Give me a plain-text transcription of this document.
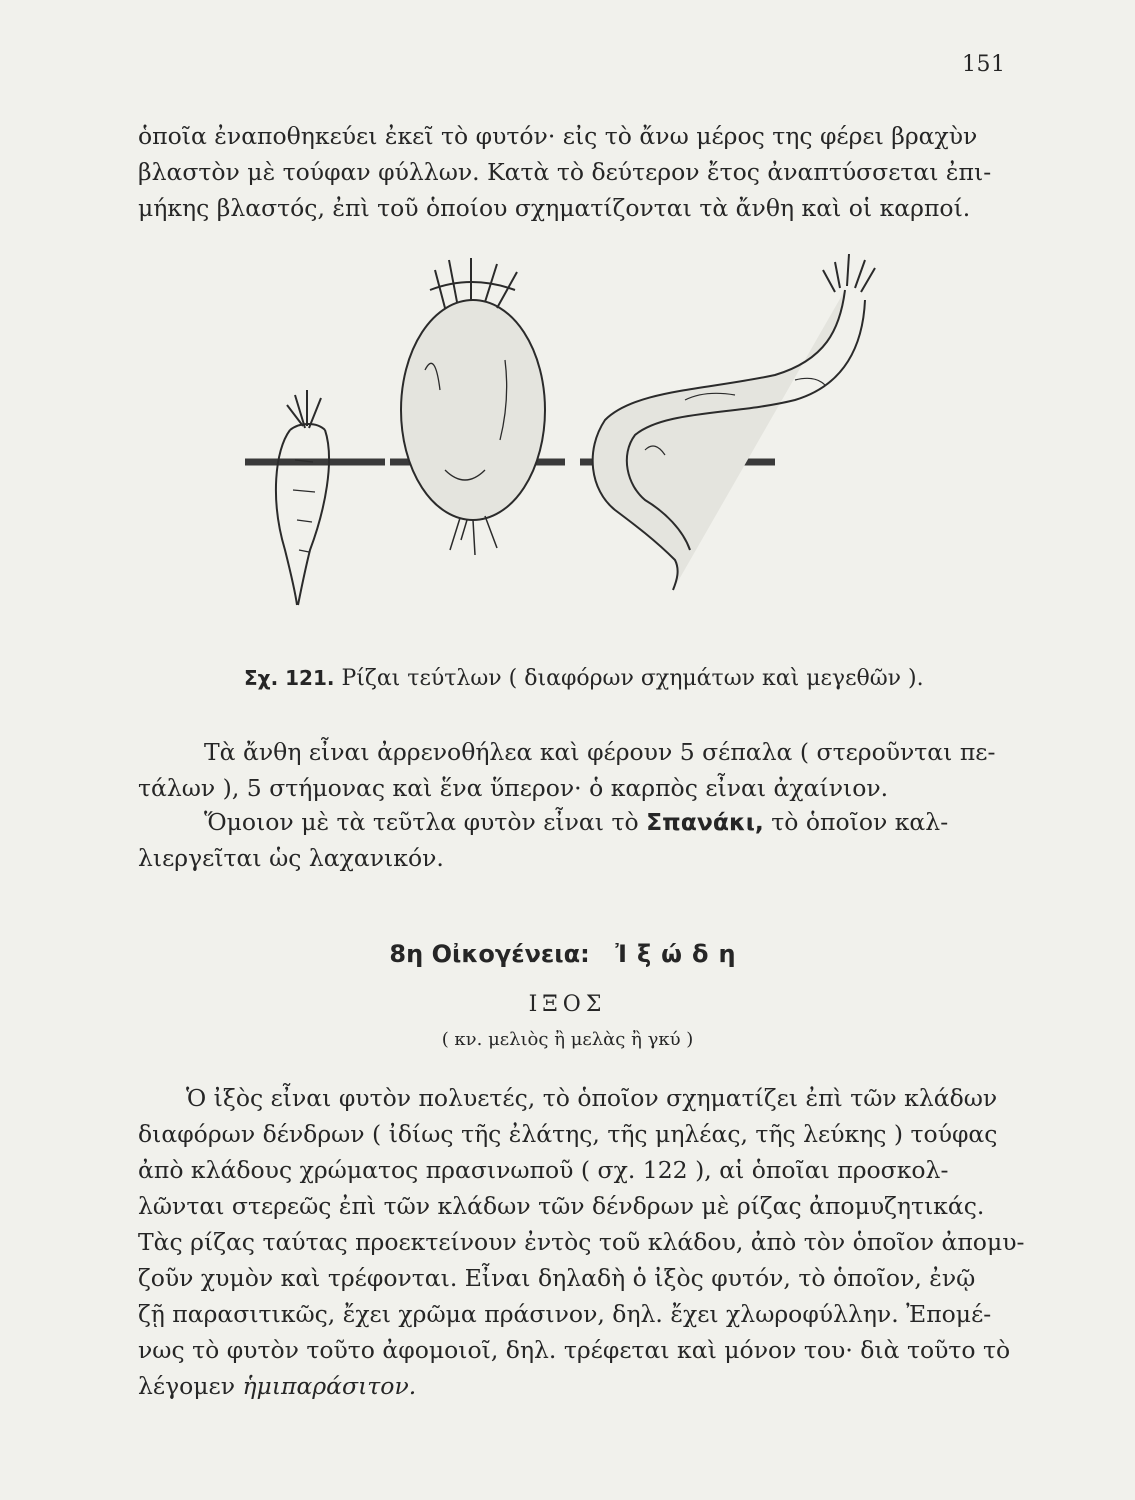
151

ὁποῖα ἐναποθηκεύει ἐκεῖ τὸ φυτόν· εἰς τὸ ἄνω μέρος της φέρει βραχὺν
βλαστὸν μὲ τούφαν φύλλων. Κατὰ τὸ δεύτερον ἔτος ἀναπτύσσεται ἐπι-
μήκης βλαστός, ἐπὶ τοῦ ὁποίου σχηματίζονται τὰ ἄνθη καὶ οἱ καρποί.

Σχ. 121. Ρίζαι τεύτλων ( διαφόρων σχημάτων καὶ μεγεθῶν ).

Τὰ ἄνθη εἶναι ἀρρενοθήλεα καὶ φέρουν 5 σέπαλα ( στεροῦνται πε-
τάλων ), 5 στήμονας καὶ ἕνα ὕπερον· ὁ καρπὸς εἶναι ἀχαίνιον.

Ὅμοιον μὲ τὰ τεῦτλα φυτὸν εἶναι τὸ Σπανάκι, τὸ ὁποῖον καλ-
λιεργεῖται ὡς λαχανικόν.

8η Οἰκογένεια: Ἰξώδη
ΙΞΟΣ
( κν. μελιὸς ἢ μελὰς ἢ γκύ )

Ὁ ἰξὸς εἶναι φυτὸν πολυετές, τὸ ὁποῖον σχηματίζει ἐπὶ τῶν κλάδων
διαφόρων δένδρων ( ἰδίως τῆς ἐλάτης, τῆς μηλέας, τῆς λεύκης ) τούφας
ἀπὸ κλάδους χρώματος πρασινωποῦ ( σχ. 122 ), αἱ ὁποῖαι προσκολ-
λῶνται στερεῶς ἐπὶ τῶν κλάδων τῶν δένδρων μὲ ρίζας ἀπομυζητικάς.
Τὰς ρίζας ταύτας προεκτείνουν ἐντὸς τοῦ κλάδου, ἀπὸ τὸν ὁποῖον ἀπομυ-
ζοῦν χυμὸν καὶ τρέφονται. Εἶναι δηλαδὴ ὁ ἰξὸς φυτόν, τὸ ὁποῖον, ἐνῷ
ζῇ παρασιτικῶς, ἔχει χρῶμα πράσινον, δηλ. ἔχει χλωροφύλλην. Ἐπομέ-
νως τὸ φυτὸν τοῦτο ἀφομοιοῖ, δηλ. τρέφεται καὶ μόνον του· διὰ τοῦτο τὸ
λέγομεν ἡμιπαράσιτον.
